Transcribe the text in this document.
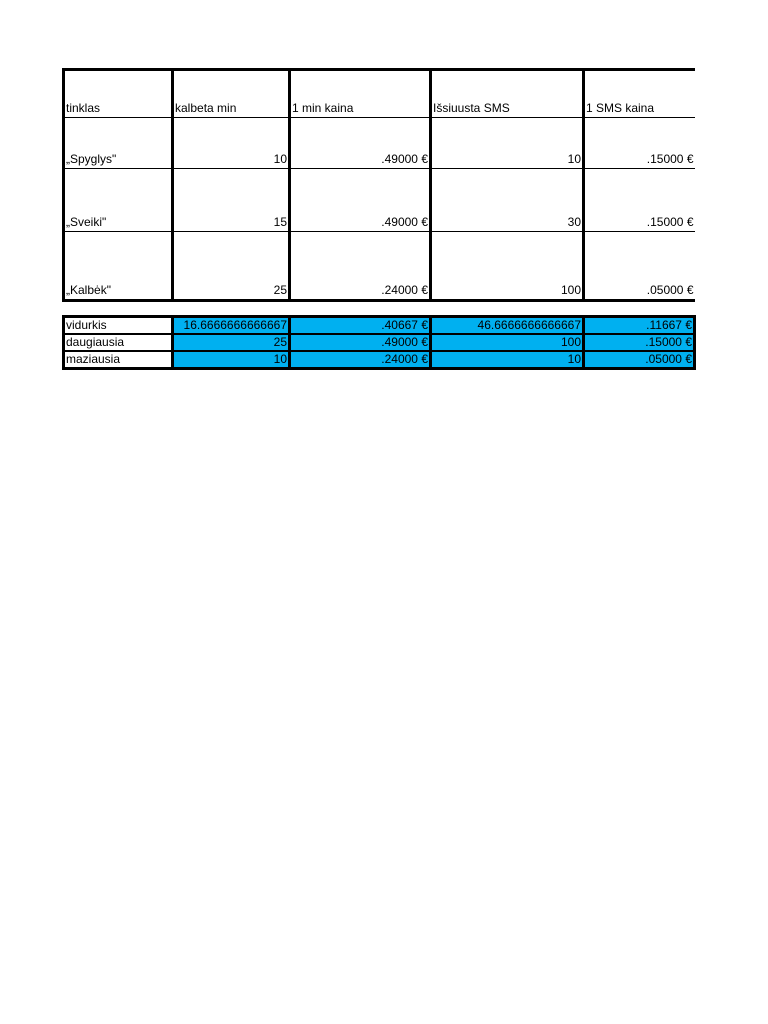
tinklas	kalbeta min	1 min kaina	Išsiuusta SMS	1 SMS kaina
„Spyglys"	10	.49000 €	10	.15000 €
„Sveiki"	15	.49000 €	30	.15000 €
„Kalbėk"	25	.24000 €	100	.05000 €
vidurkis	16.6666666666667	.40667 €	46.6666666666667	.11667 €
daugiausia	25	.49000 €	100	.15000 €
maziausia	10	.24000 €	10	.05000 €
